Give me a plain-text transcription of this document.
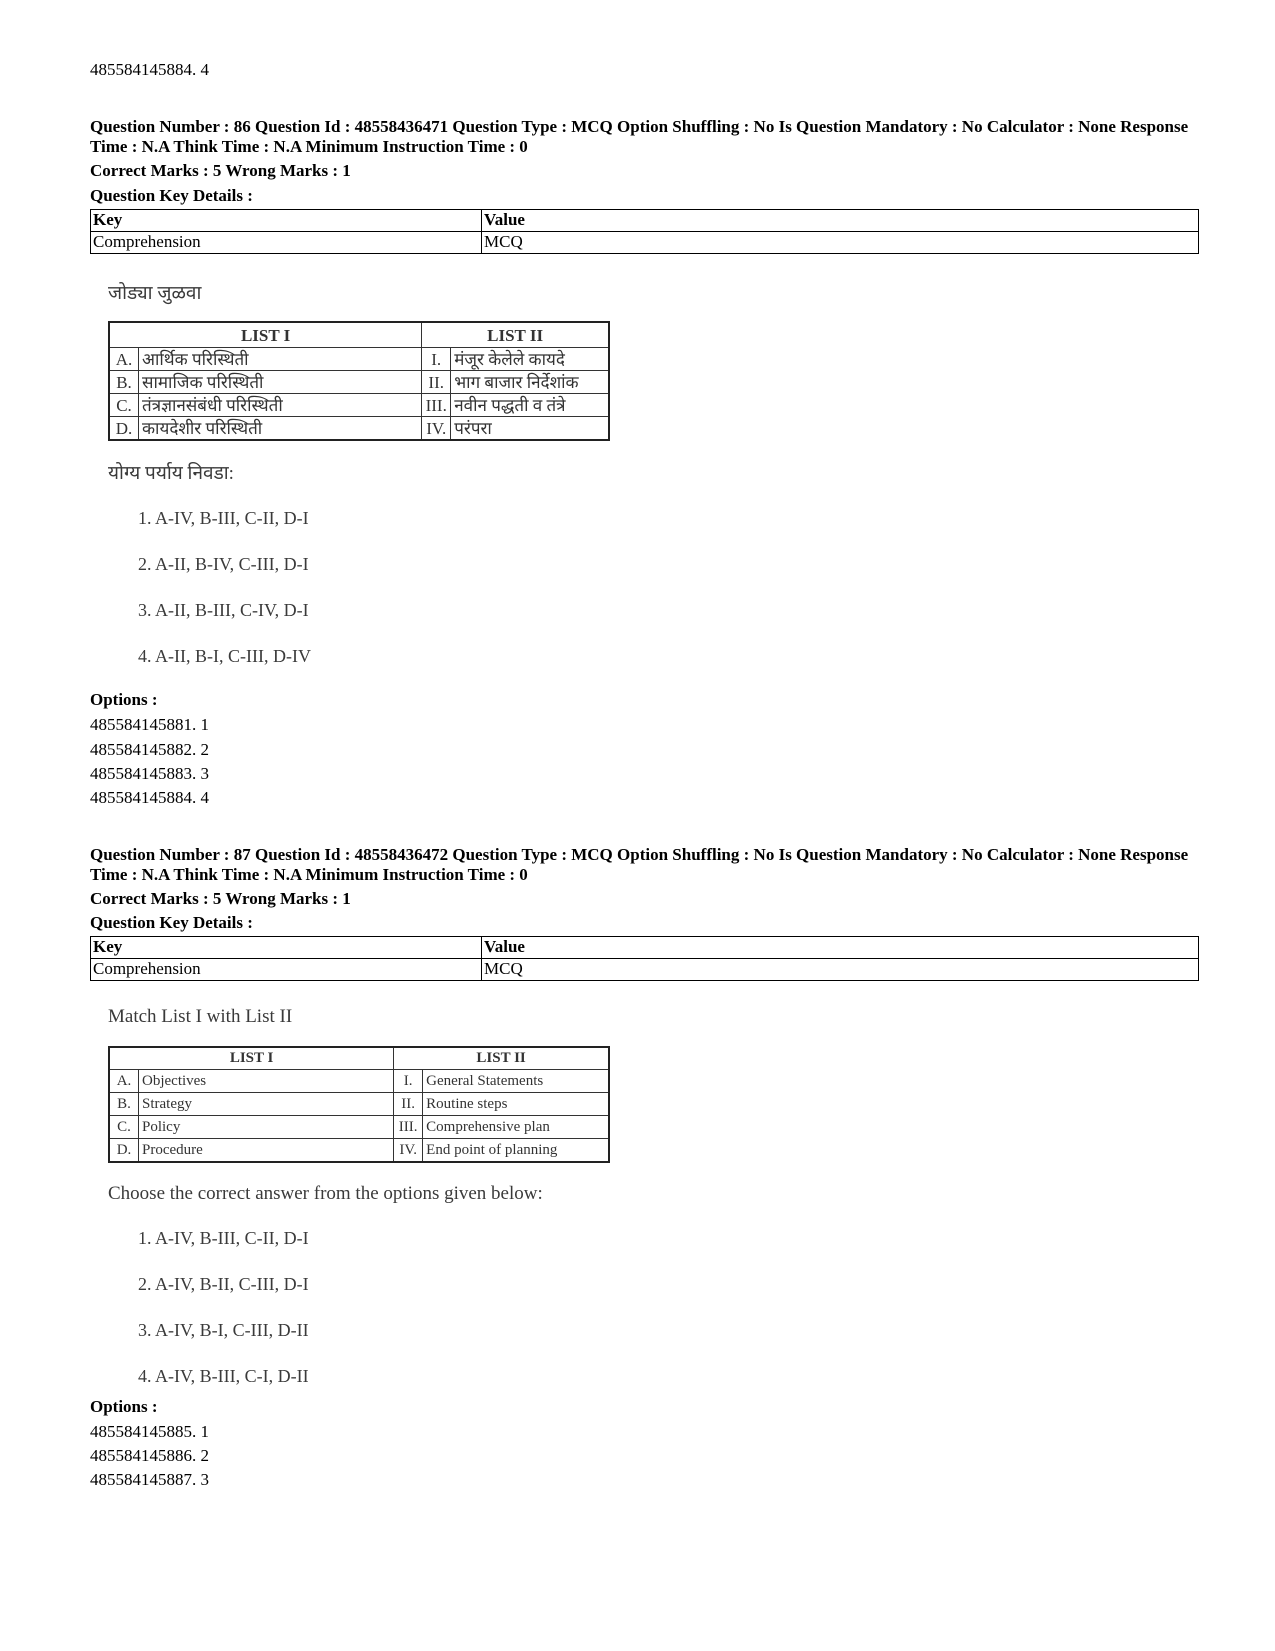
485584145884. 4
Question Number : 86 Question Id : 48558436471 Question Type : MCQ Option Shuffling : No Is Question Mandatory : No Calculator : None Response Time : N.A Think Time : N.A Minimum Instruction Time : 0
Correct Marks : 5 Wrong Marks : 1
Question Key Details :
Key	Value
Comprehension	MCQ
जोड्या जुळवा
LIST I		LIST II	
A.	आर्थिक परिस्थिती	I.	मंजूर केलेले कायदे
B.	सामाजिक परिस्थिती	II.	भाग बाजार निर्देशांक
C.	तंत्रज्ञानसंबंधी परिस्थिती	III.	नवीन पद्धती व तंत्रे
D.	कायदेशीर परिस्थिती	IV.	परंपरा
योग्य पर्याय निवडा:
1. A-IV, B-III, C-II, D-I
2. A-II, B-IV, C-III, D-I
3. A-II, B-III, C-IV, D-I
4. A-II, B-I, C-III, D-IV
Options :
485584145881. 1
485584145882. 2
485584145883. 3
485584145884. 4
Question Number : 87 Question Id : 48558436472 Question Type : MCQ Option Shuffling : No Is Question Mandatory : No Calculator : None Response Time : N.A Think Time : N.A Minimum Instruction Time : 0
Correct Marks : 5 Wrong Marks : 1
Question Key Details :
Key	Value
Comprehension	MCQ
Match List I with List II
LIST I		LIST II	
A.	Objectives	I.	General Statements
B.	Strategy	II.	Routine steps
C.	Policy	III.	Comprehensive plan
D.	Procedure	IV.	End point of planning
Choose the correct answer from the options given below:
1. A-IV, B-III, C-II, D-I
2. A-IV, B-II, C-III, D-I
3. A-IV, B-I, C-III, D-II
4. A-IV, B-III, C-I, D-II
Options :
485584145885. 1
485584145886. 2
485584145887. 3
